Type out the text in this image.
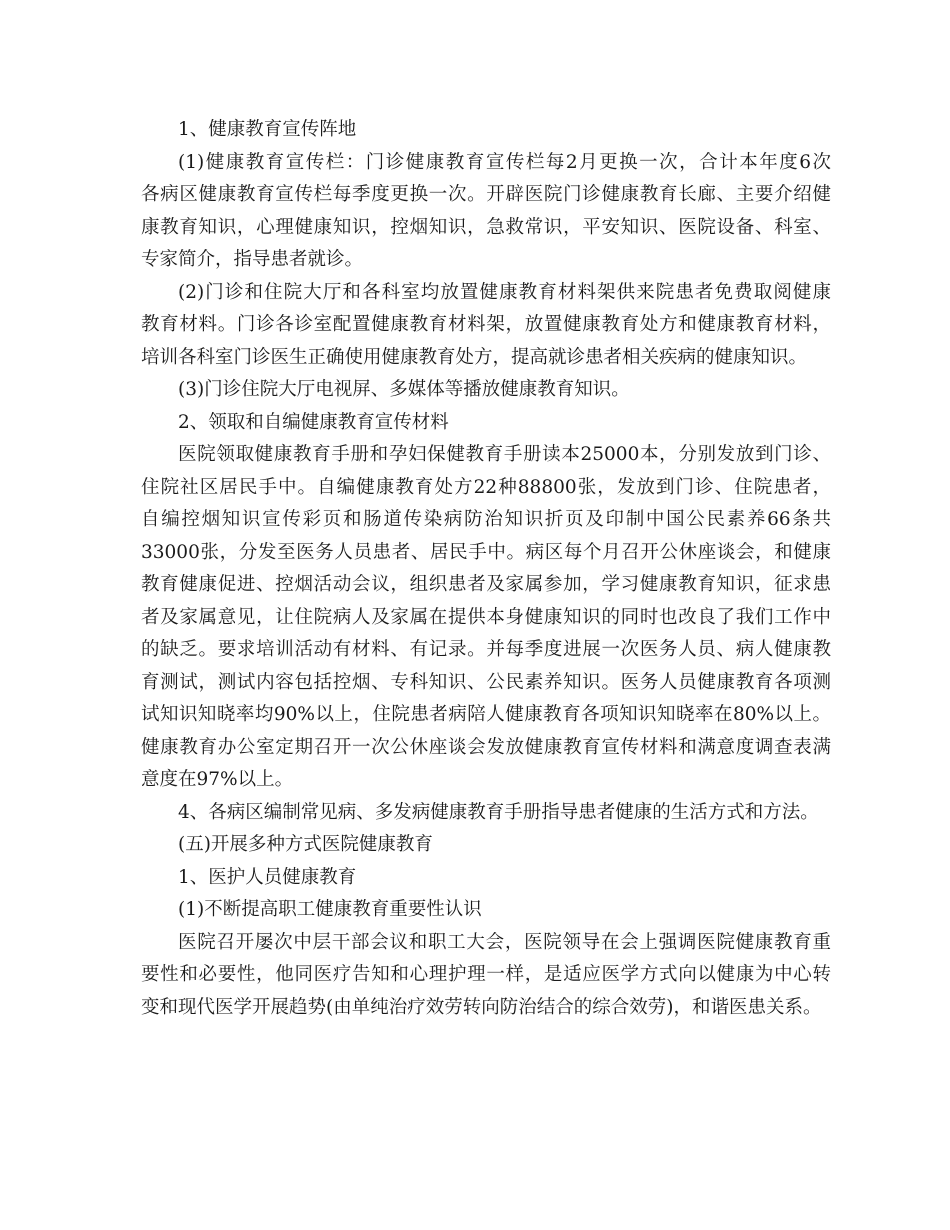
1、健康教育宣传阵地

(1)健康教育宣传栏：门诊健康教育宣传栏每2月更换一次，合计本年度6次
各病区健康教育宣传栏每季度更换一次。开辟医院门诊健康教育长廊、主要介绍健
康教育知识，心理健康知识，控烟知识，急救常识，平安知识、医院设备、科室、
专家简介，指导患者就诊。

(2)门诊和住院大厅和各科室均放置健康教育材料架供来院患者免费取阅健康
教育材料。门诊各诊室配置健康教育材料架，放置健康教育处方和健康教育材料，
培训各科室门诊医生正确使用健康教育处方，提高就诊患者相关疾病的健康知识。

(3)门诊住院大厅电视屏、多媒体等播放健康教育知识。

2、领取和自编健康教育宣传材料

医院领取健康教育手册和孕妇保健教育手册读本25000本，分别发放到门诊、
住院社区居民手中。自编健康教育处方22种88800张，发放到门诊、住院患者，
自编控烟知识宣传彩页和肠道传染病防治知识折页及印制中国公民素养66条共
33000张，分发至医务人员患者、居民手中。病区每个月召开公休座谈会，和健康
教育健康促进、控烟活动会议，组织患者及家属参加，学习健康教育知识，征求患
者及家属意见，让住院病人及家属在提供本身健康知识的同时也改良了我们工作中
的缺乏。要求培训活动有材料、有记录。并每季度进展一次医务人员、病人健康教
育测试，测试内容包括控烟、专科知识、公民素养知识。医务人员健康教育各项测
试知识知晓率均90%以上，住院患者病陪人健康教育各项知识知晓率在80%以上。
健康教育办公室定期召开一次公休座谈会发放健康教育宣传材料和满意度调查表满
意度在97%以上。

4、各病区编制常见病、多发病健康教育手册指导患者健康的生活方式和方法。

(五)开展多种方式医院健康教育

1、医护人员健康教育

(1)不断提高职工健康教育重要性认识

医院召开屡次中层干部会议和职工大会，医院领导在会上强调医院健康教育重
要性和必要性，他同医疗告知和心理护理一样，是适应医学方式向以健康为中心转
变和现代医学开展趋势(由单纯治疗效劳转向防治结合的综合效劳)，和谐医患关系。
